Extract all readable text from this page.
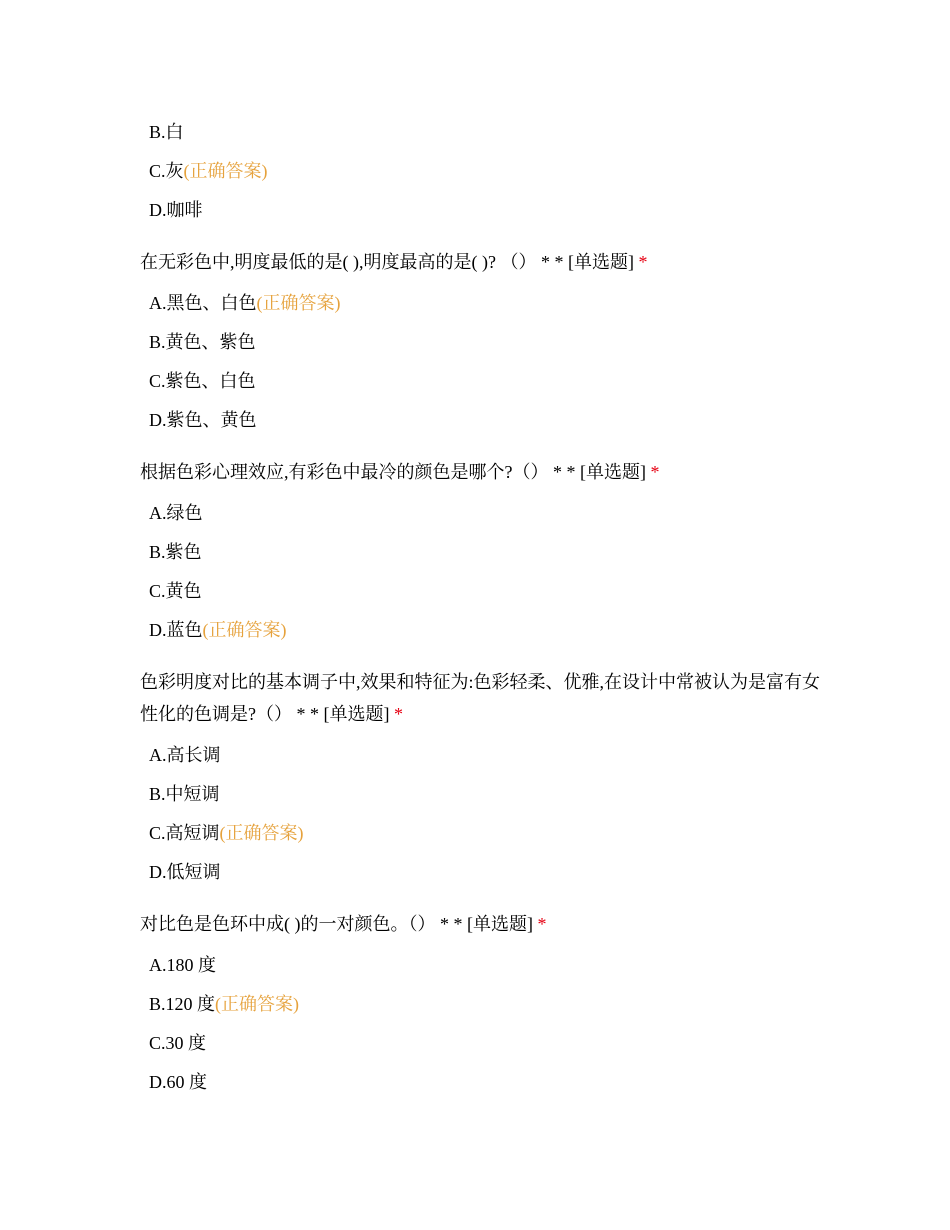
B.白
C.灰(正确答案)
D.咖啡
在无彩色中,明度最低的是( ),明度最高的是( )? （） * * [单选题] *
A.黑色、白色(正确答案)
B.黄色、紫色
C.紫色、白色
D.紫色、黄色
根据色彩心理效应,有彩色中最冷的颜色是哪个?（） * * [单选题] *
A.绿色
B.紫色
C.黄色
D.蓝色(正确答案)
色彩明度对比的基本调子中,效果和特征为:色彩轻柔、优雅,在设计中常被认为是富有女性化的色调是?（） * * [单选题] *
A.高长调
B.中短调
C.高短调(正确答案)
D.低短调
对比色是色环中成( )的一对颜色。（） * * [单选题] *
A.180 度
B.120 度(正确答案)
C.30 度
D.60 度
